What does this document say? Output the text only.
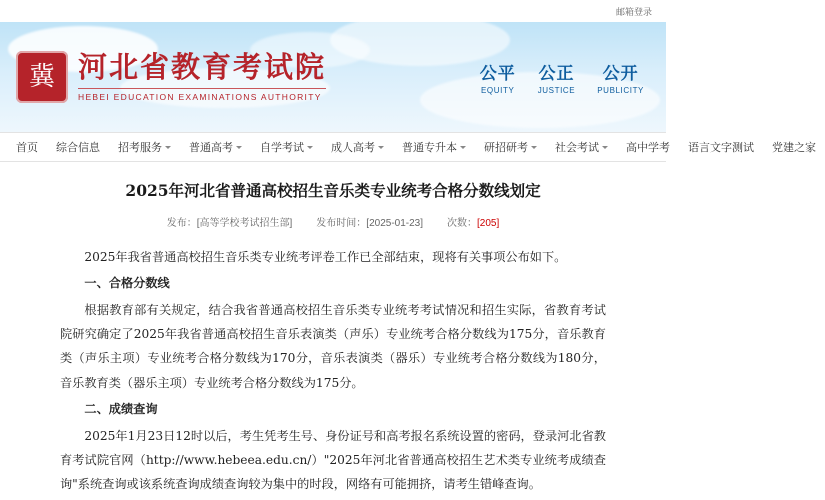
邮箱登录
冀 河北省教育考试院
HEBEI EDUCATION EXAMINATIONS AUTHORITY
公平
EQUITY
公正
JUSTICE
公开
PUBLICITY
首页 综合信息 招考服务 普通高考 自学考试 成人高考 普通专升本 研招研考 社会考试 高中学考 语言文字测试 党建之家
2025年河北省普通高校招生音乐类专业统考合格分数线划定
发布：[高等学校考试招生部] 发布时间：[2025-01-23] 次数：[205]

2025年我省普通高校招生音乐类专业统考评卷工作已全部结束，现将有关事项公布如下。

一、合格分数线

根据教育部有关规定，结合我省普通高校招生音乐类专业统考考试情况和招生实际，省教育考试院研究确定了2025年我省普通高校招生音乐表演类（声乐）专业统考合格分数线为175分，音乐教育类（声乐主项）专业统考合格分数线为170分，音乐表演类（器乐）专业统考合格分数线为180分，音乐教育类（器乐主项）专业统考合格分数线为175分。

二、成绩查询

2025年1月23日12时以后，考生凭考生号、身份证号和高考报名系统设置的密码，登录河北省教育考试院官网（http://www.hebeea.edu.cn/）"2025年河北省普通高校招生艺术类专业统考成绩查询"系统查询或该系统查询成绩查询较为集中的时段，网络有可能拥挤，请考生错峰查询。
